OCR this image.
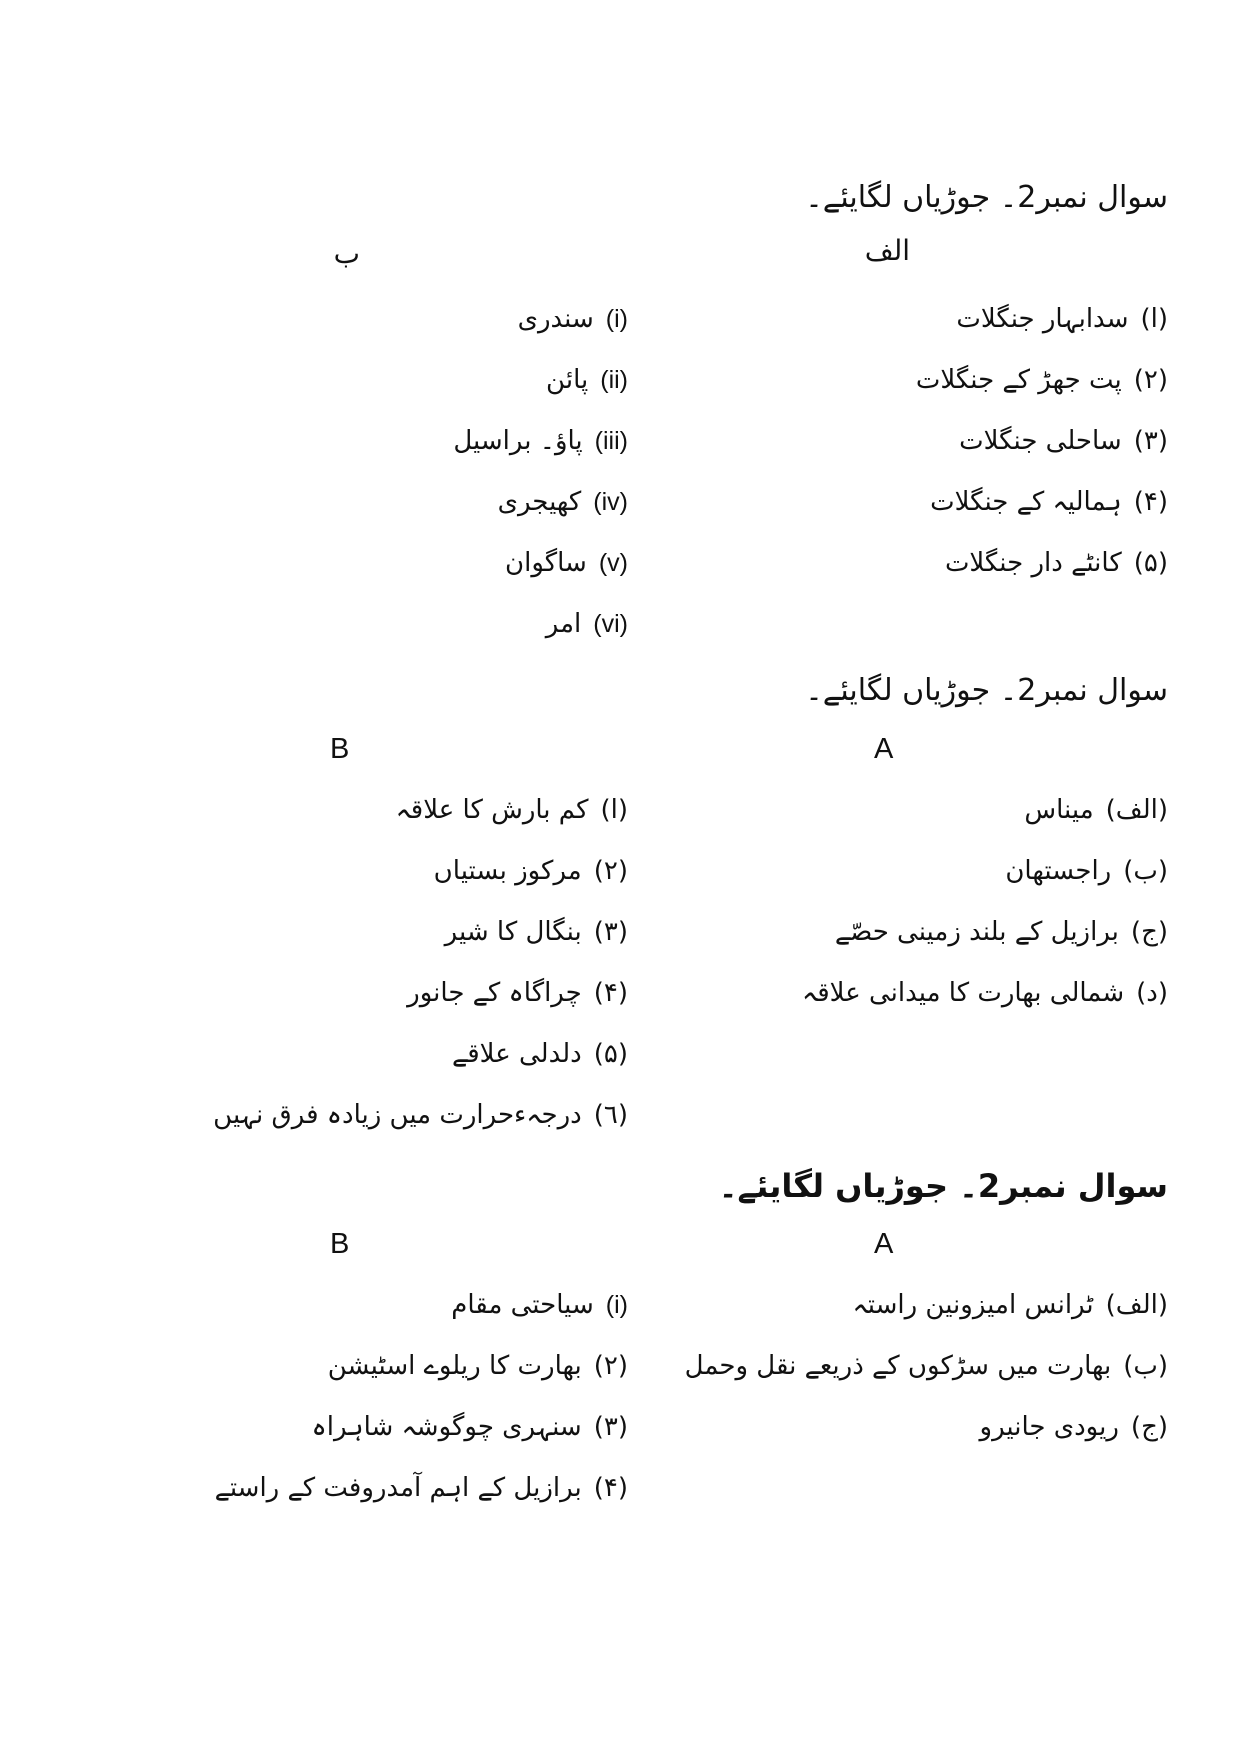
سوال نمبر2۔ جوڑیاں لگایئے۔
الف
ب
(ا)سدابہار جنگلات
(۲)پت جھڑ کے جنگلات
(۳)ساحلی جنگلات
(۴)ہمالیہ کے جنگلات
(۵)کانٹے دار جنگلات
(i)سندری
(ii)پائن
(iii)پاؤ۔ براسیل
(iv)کھیجری
(v)ساگوان
(vi)امر
سوال نمبر2۔ جوڑیاں لگایئے۔
A
B
(الف)میناس
(ب)راجستھان
(ج)برازیل کے بلند زمینی حصّے
(د)شمالی بھارت کا میدانی علاقہ
(ا)کم بارش کا علاقہ
(۲)مرکوز بستیاں
(۳)بنگال کا شیر
(۴)چراگاہ کے جانور
(۵)دلدلی علاقے
(٦)درجہءحرارت میں زیادہ فرق نہیں
سوال نمبر2۔ جوڑیاں لگایئے۔
A
B
(الف)ٹرانس امیزونین راستہ
(ب)بھارت میں سڑکوں کے ذریعے نقل وحمل
(ج)ریودی جانیرو
(i)سیاحتی مقام
(۲)بھارت کا ریلوے اسٹیشن
(۳)سنہری چوگوشہ شاہراہ
(۴)برازیل کے اہم آمدروفت کے راستے
